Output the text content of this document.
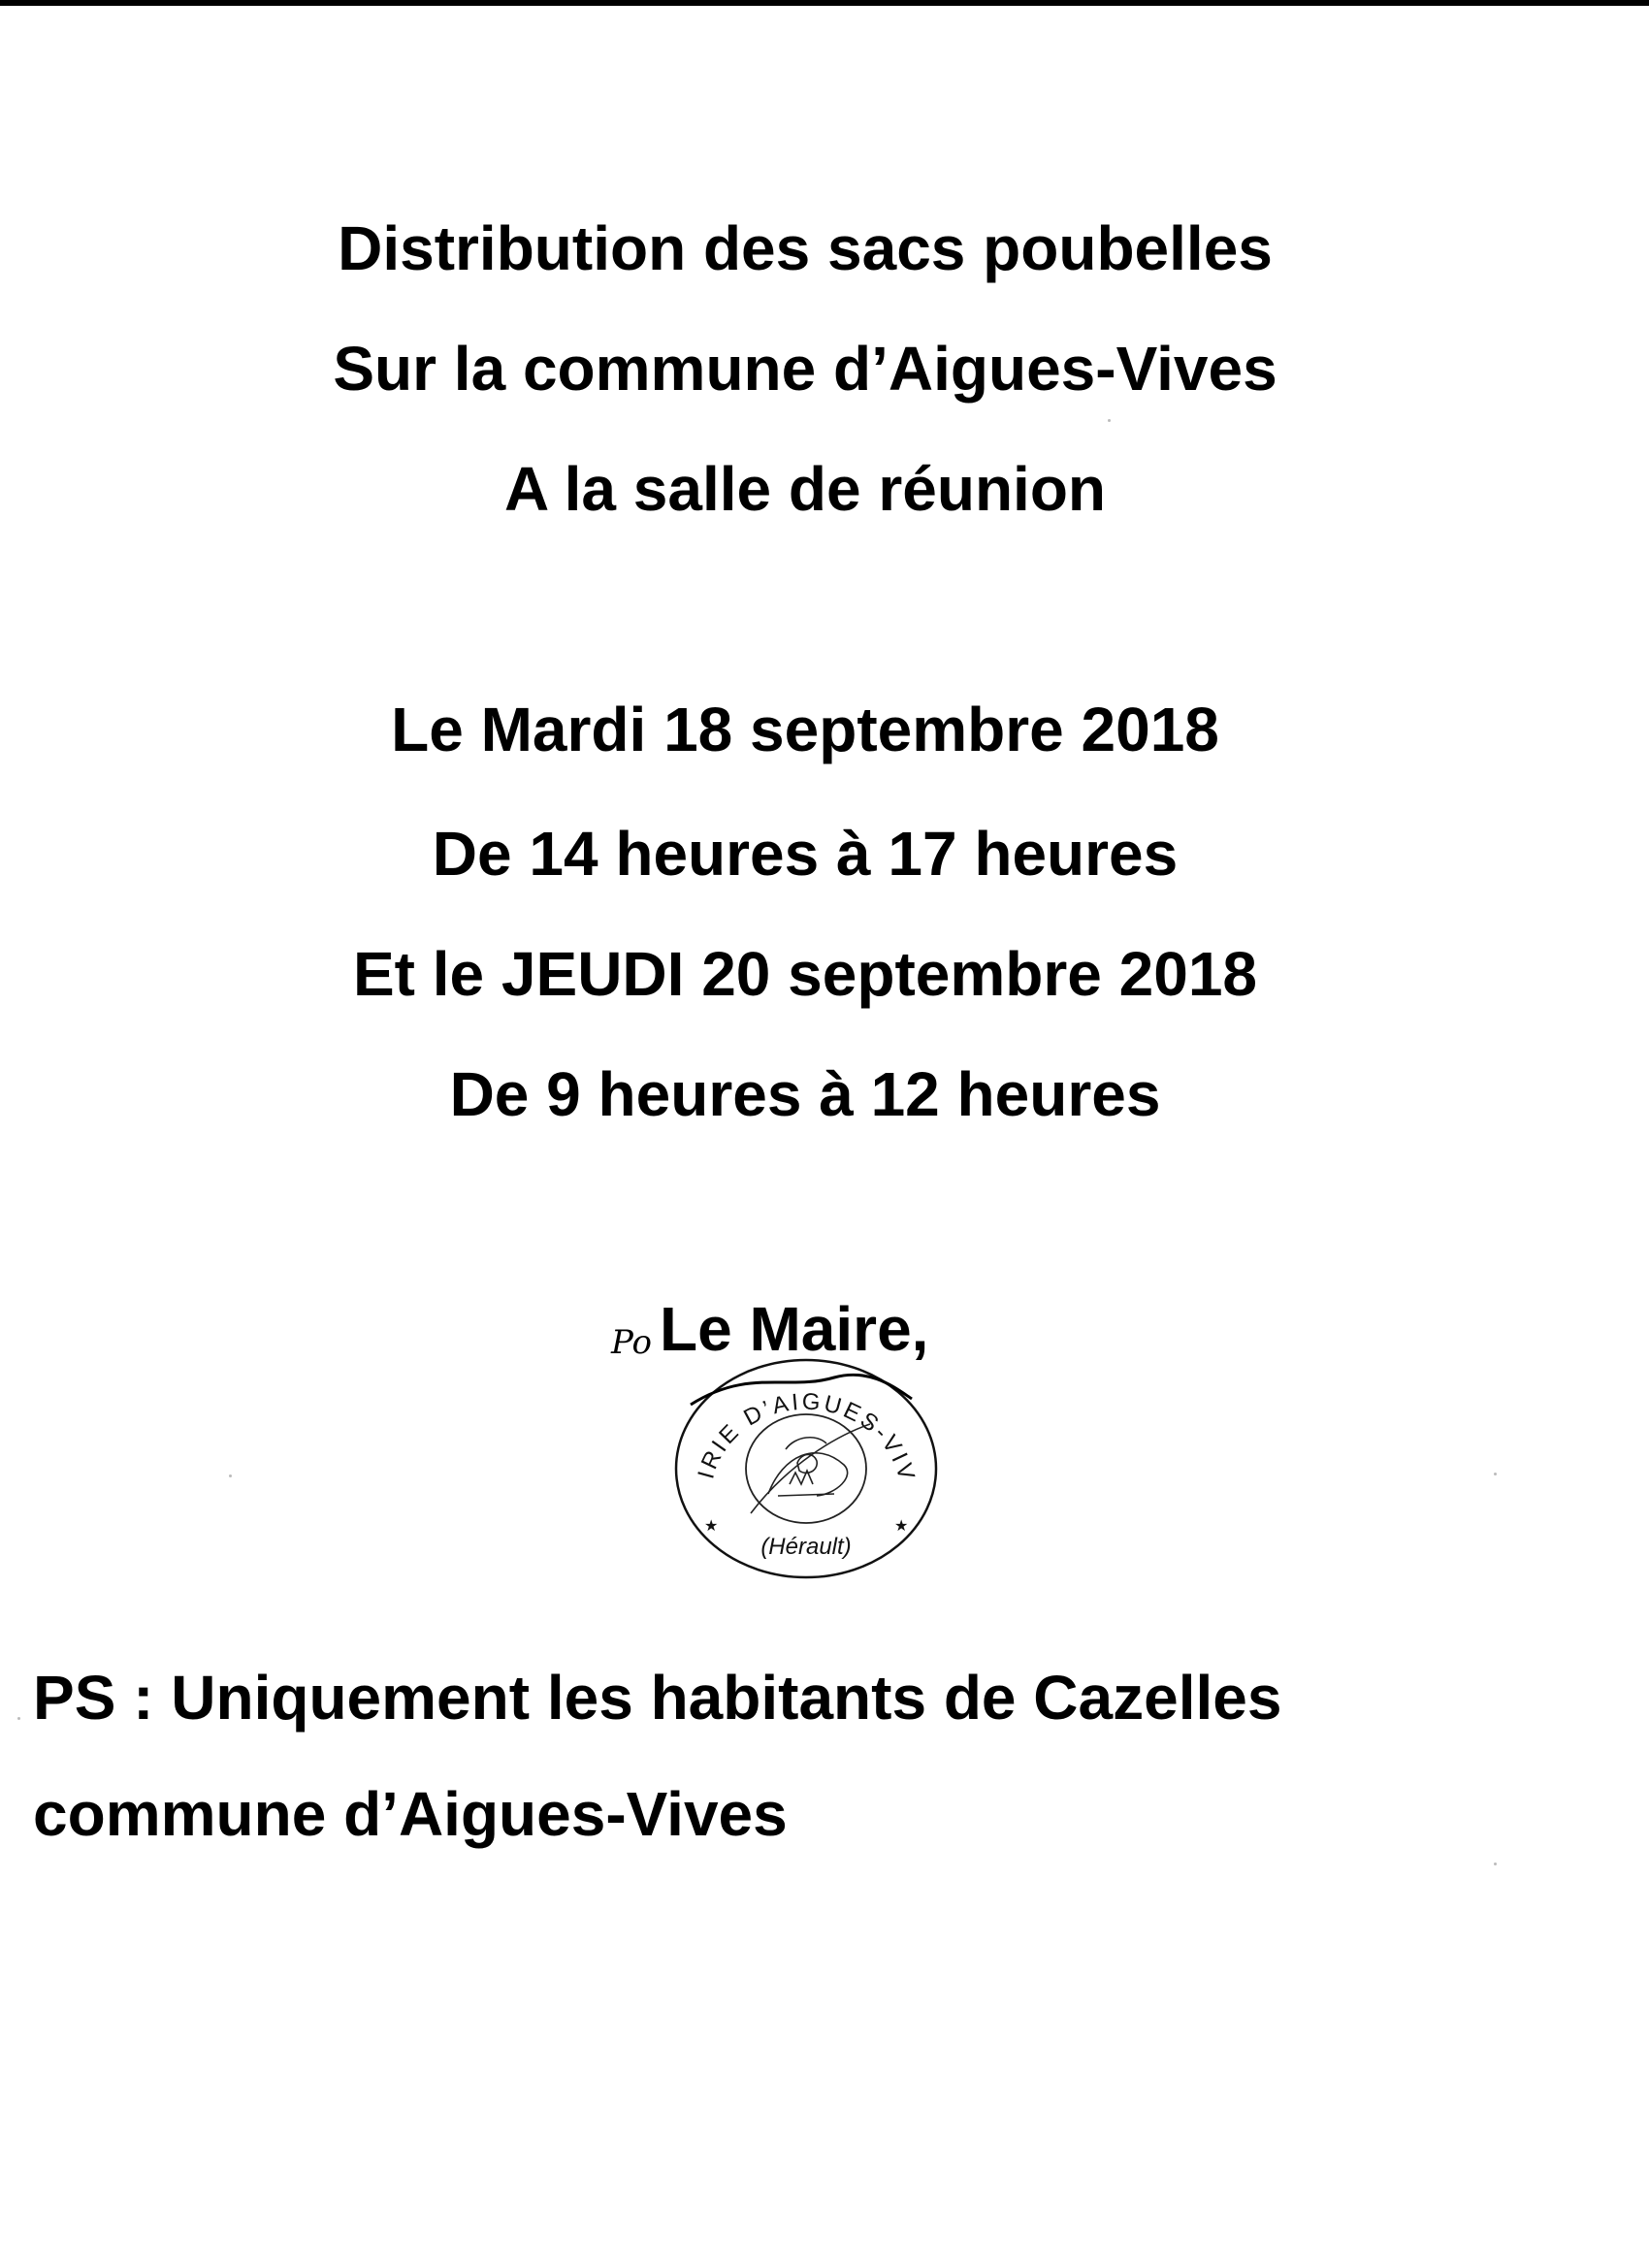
Distribution des sacs poubelles
Sur la commune d’Aigues-Vives
A la salle de réunion
Le Mardi 18 septembre 2018
De 14 heures à 17 heures
Et le JEUDI 20 septembre 2018
De 9 heures à 12 heures
Po Le Maire,
IRIE D’AIGUES-VIV
(Hérault)
★	★
PS : Uniquement les habitants de Cazelles
commune d’Aigues-Vives
